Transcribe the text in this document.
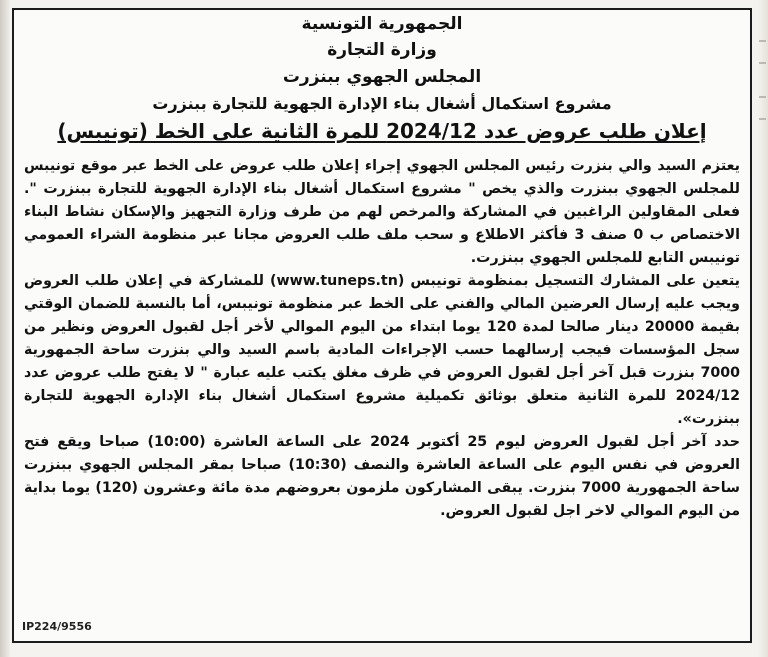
الجمهورية التونسية
وزارة التجارة
المجلس الجهوي ببنزرت
مشروع استكمال أشغال بناء الإدارة الجهوية للتجارة ببنزرت
إعلان طلب عروض عدد 2024/12 للمرة الثانية على الخط (تونيبس)

يعتزم السيد والي بنزرت رئيس المجلس الجهوي إجراء إعلان طلب عروض على الخط عبر موقع تونيبس للمجلس الجهوي ببنزرت والذي يخص " مشروع استكمال أشغال بناء الإدارة الجهوية للتجارة ببنزرت ". فعلى المقاولين الراغبين في المشاركة والمرخص لهم من طرف وزارة التجهيز والإسكان نشاط البناء الاختصاص ب 0 صنف 3 فأكثر الاطلاع و سحب ملف طلب العروض مجانا عبر منظومة الشراء العمومي تونيبس التابع للمجلس الجهوي ببنزرت.

يتعين على المشارك التسجيل بمنظومة تونيبس (www.tuneps.tn) للمشاركة في إعلان طلب العروض ويجب عليه إرسال العرضين المالي والفني على الخط عبر منظومة تونيبس، أما بالنسبة للضمان الوقتي بقيمة 20000 دينار صالحا لمدة 120 يوما ابتداء من اليوم الموالي لأخر أجل لقبول العروض ونظير من سجل المؤسسات فيجب إرسالهما حسب الإجراءات المادية باسم السيد والي بنزرت ساحة الجمهورية 7000 بنزرت قبل آخر أجل لقبول العروض في ظرف مغلق يكتب عليه عبارة " لا يفتح طلب عروض عدد 2024/12 للمرة الثانية متعلق بوثائق تكميلية مشروع استكمال أشغال بناء الإدارة الجهوية للتجارة ببنزرت».

حدد آخر أجل لقبول العروض ليوم 25 أكتوبر 2024 على الساعة العاشرة (10:00) صباحا ويقع فتح العروض في نفس اليوم على الساعة العاشرة والنصف (10:30) صباحا بمقر المجلس الجهوي ببنزرت ساحة الجمهورية 7000 بنزرت. يبقى المشاركون ملزمون بعروضهم مدة مائة وعشرون (120) يوما بداية من اليوم الموالي لاخر اجل لقبول العروض.

IP224/9556
